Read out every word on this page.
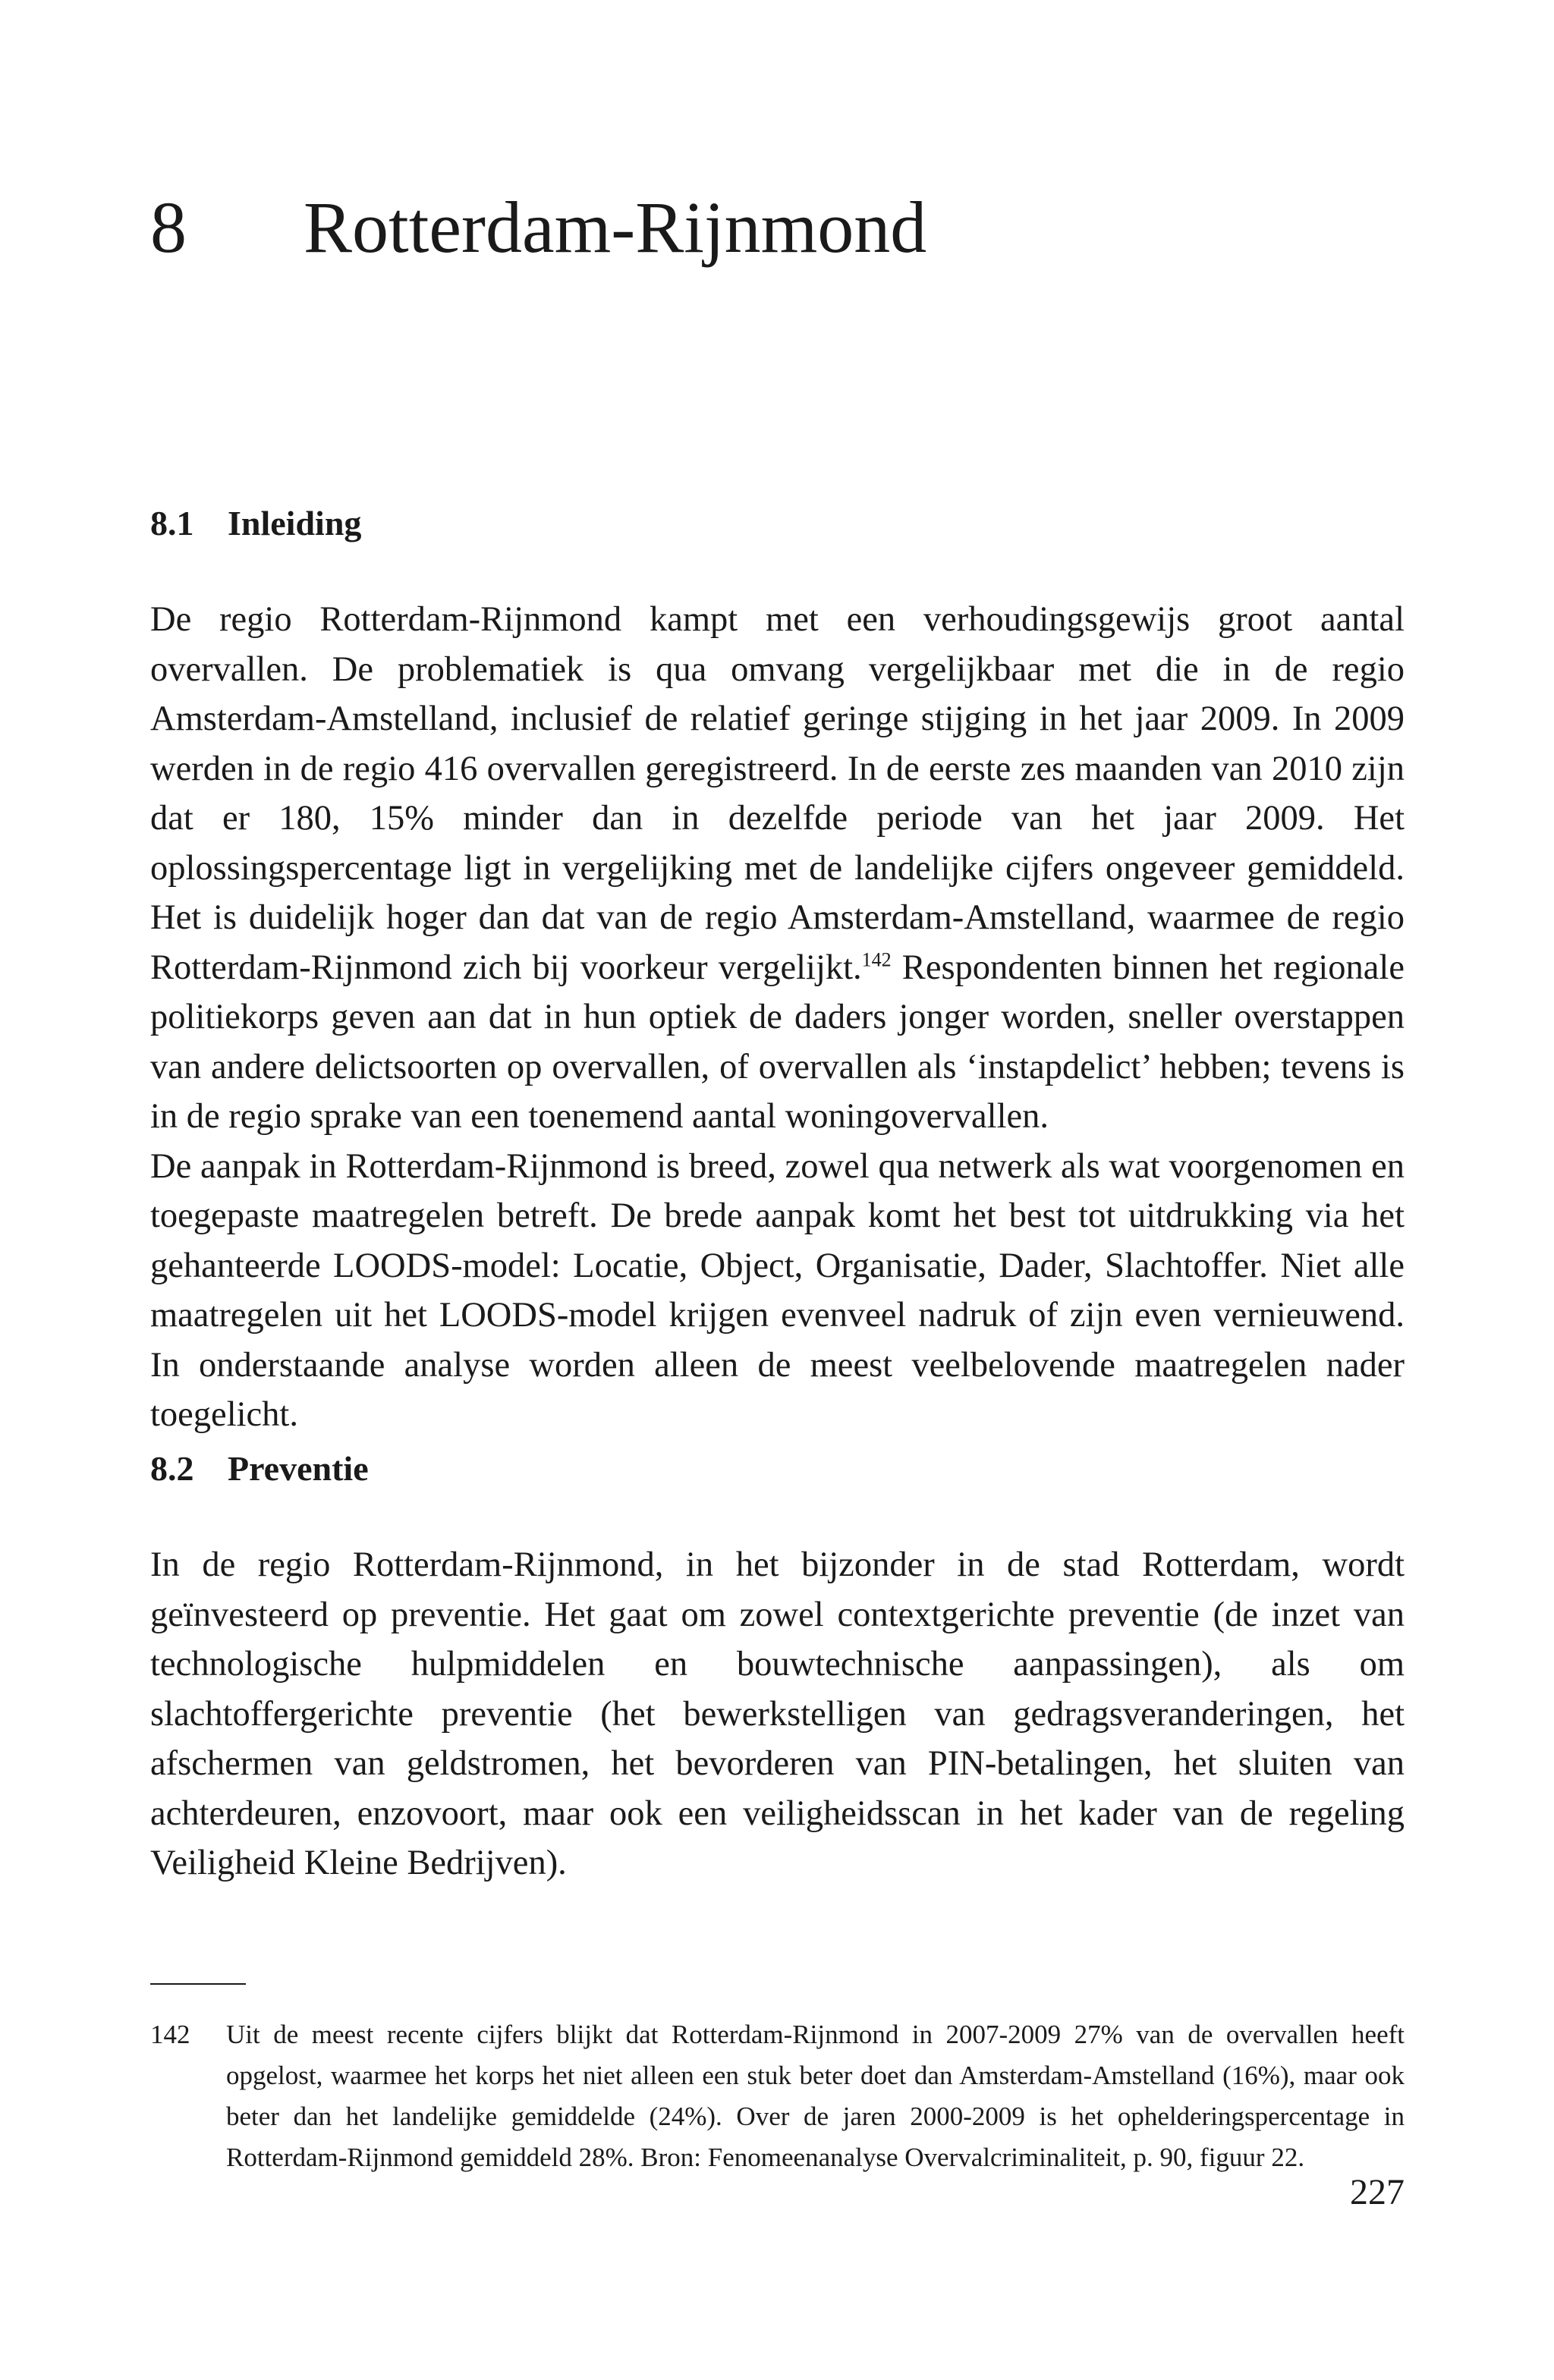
8 Rotterdam-Rijnmond
8.1 Inleiding

De regio Rotterdam-Rijnmond kampt met een verhoudingsgewijs groot aantal overvallen. De problematiek is qua omvang vergelijkbaar met die in de regio Amsterdam-Amstelland, inclusief de relatief geringe stijging in het jaar 2009. In 2009 werden in de regio 416 overvallen geregistreerd. In de eerste zes maanden van 2010 zijn dat er 180, 15% minder dan in dezelfde periode van het jaar 2009. Het oplossingspercentage ligt in vergelijking met de landelijke cijfers ongeveer gemiddeld. Het is duidelijk hoger dan dat van de regio Amsterdam-Amstelland, waarmee de regio Rotterdam-Rijnmond zich bij voorkeur vergelijkt.$^{142}$ Respondenten binnen het regionale politiekorps geven aan dat in hun optiek de daders jonger worden, sneller overstappen van andere delictsoorten op overvallen, of overvallen als ‘instapdelict’ hebben; tevens is in de regio sprake van een toenemend aantal woningovervallen.

De aanpak in Rotterdam-Rijnmond is breed, zowel qua netwerk als wat voorgenomen en toegepaste maatregelen betreft. De brede aanpak komt het best tot uitdrukking via het gehanteerde LOODS-model: Locatie, Object, Organisatie, Dader, Slachtoffer. Niet alle maatregelen uit het LOODS-model krijgen evenveel nadruk of zijn even vernieuwend. In onderstaande analyse worden alleen de meest veelbelovende maatregelen nader toegelicht.

8.2 Preventie

In de regio Rotterdam-Rijnmond, in het bijzonder in de stad Rotterdam, wordt geïnvesteerd op preventie. Het gaat om zowel contextgerichte preventie (de inzet van technologische hulpmiddelen en bouwtechnische aanpassingen), als om slachtoffergerichte preventie (het bewerkstelligen van gedragsveranderingen, het afschermen van geldstromen, het bevorderen van PIN-betalingen, het sluiten van achterdeuren, enzovoort, maar ook een veiligheidsscan in het kader van de regeling Veiligheid Kleine Bedrijven).

142 Uit de meest recente cijfers blijkt dat Rotterdam-Rijnmond in 2007-2009 27% van de overvallen heeft opgelost, waarmee het korps het niet alleen een stuk beter doet dan Amsterdam-Amstelland (16%), maar ook beter dan het landelijke gemiddelde (24%). Over de jaren 2000-2009 is het ophelderingspercentage in Rotterdam-Rijnmond gemiddeld 28%. Bron: Fenomeenanalyse Overvalcriminaliteit, p. 90, figuur 22.
227
